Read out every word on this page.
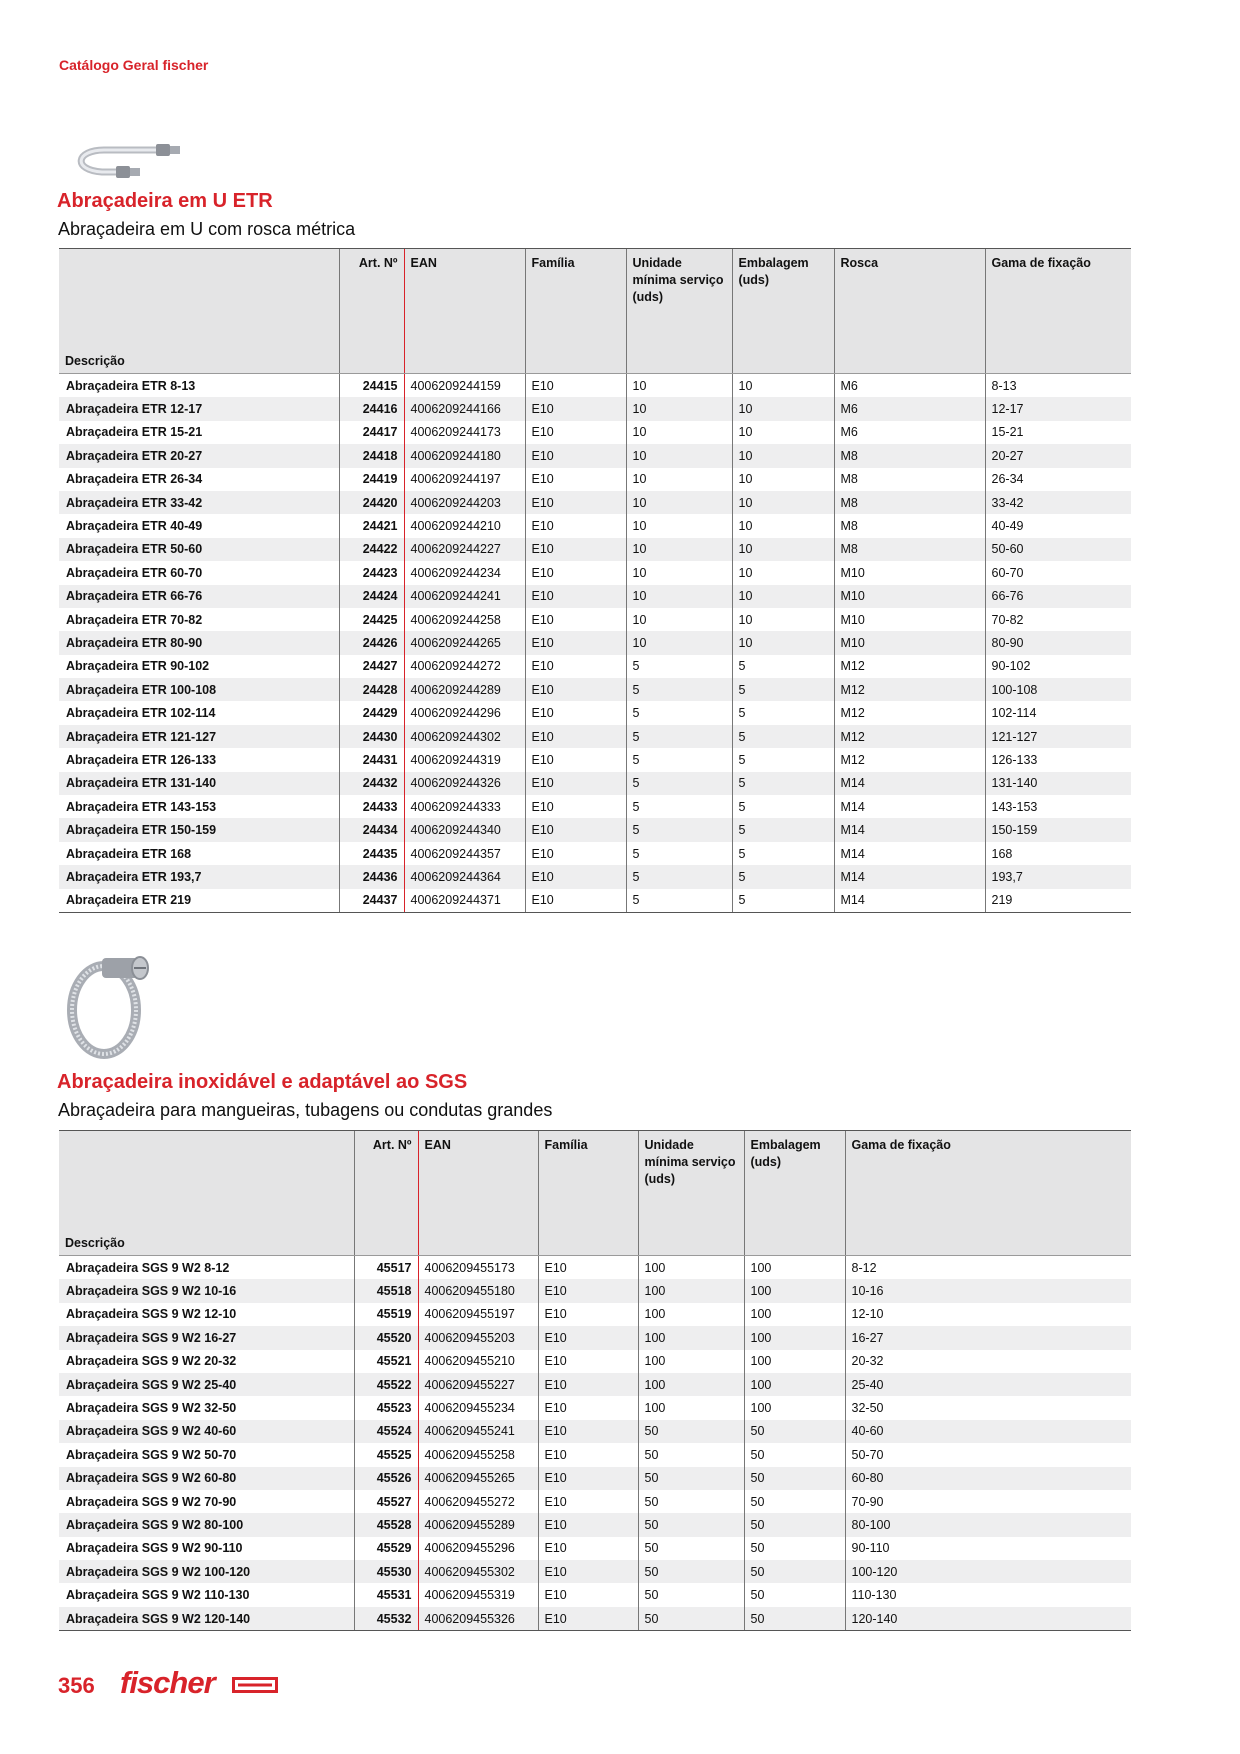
Catálogo Geral fischer
Abraçadeira em U ETR
Abraçadeira em U com rosca métrica
Descrição	Art. Nº	EAN	Família	Unidade mínima serviço (uds)	Embalagem (uds)	Rosca	Gama de fixação
Abraçadeira ETR 8-13	24415	4006209244159	E10	10	10	M6	8-13
Abraçadeira ETR 12-17	24416	4006209244166	E10	10	10	M6	12-17
Abraçadeira ETR 15-21	24417	4006209244173	E10	10	10	M6	15-21
Abraçadeira ETR 20-27	24418	4006209244180	E10	10	10	M8	20-27
Abraçadeira ETR 26-34	24419	4006209244197	E10	10	10	M8	26-34
Abraçadeira ETR 33-42	24420	4006209244203	E10	10	10	M8	33-42
Abraçadeira ETR 40-49	24421	4006209244210	E10	10	10	M8	40-49
Abraçadeira ETR 50-60	24422	4006209244227	E10	10	10	M8	50-60
Abraçadeira ETR 60-70	24423	4006209244234	E10	10	10	M10	60-70
Abraçadeira ETR 66-76	24424	4006209244241	E10	10	10	M10	66-76
Abraçadeira ETR 70-82	24425	4006209244258	E10	10	10	M10	70-82
Abraçadeira ETR 80-90	24426	4006209244265	E10	10	10	M10	80-90
Abraçadeira ETR 90-102	24427	4006209244272	E10	5	5	M12	90-102
Abraçadeira ETR 100-108	24428	4006209244289	E10	5	5	M12	100-108
Abraçadeira ETR 102-114	24429	4006209244296	E10	5	5	M12	102-114
Abraçadeira ETR 121-127	24430	4006209244302	E10	5	5	M12	121-127
Abraçadeira ETR 126-133	24431	4006209244319	E10	5	5	M12	126-133
Abraçadeira ETR 131-140	24432	4006209244326	E10	5	5	M14	131-140
Abraçadeira ETR 143-153	24433	4006209244333	E10	5	5	M14	143-153
Abraçadeira ETR 150-159	24434	4006209244340	E10	5	5	M14	150-159
Abraçadeira ETR 168	24435	4006209244357	E10	5	5	M14	168
Abraçadeira ETR 193,7	24436	4006209244364	E10	5	5	M14	193,7
Abraçadeira ETR 219	24437	4006209244371	E10	5	5	M14	219
Abraçadeira inoxidável e adaptável ao SGS
Abraçadeira para mangueiras, tubagens ou condutas grandes
Descrição	Art. Nº	EAN	Família	Unidade mínima serviço (uds)	Embalagem (uds)	Gama de fixação
Abraçadeira SGS 9 W2 8-12	45517	4006209455173	E10	100	100	8-12
Abraçadeira SGS 9 W2 10-16	45518	4006209455180	E10	100	100	10-16
Abraçadeira SGS 9 W2 12-10	45519	4006209455197	E10	100	100	12-10
Abraçadeira SGS 9 W2 16-27	45520	4006209455203	E10	100	100	16-27
Abraçadeira SGS 9 W2 20-32	45521	4006209455210	E10	100	100	20-32
Abraçadeira SGS 9 W2 25-40	45522	4006209455227	E10	100	100	25-40
Abraçadeira SGS 9 W2 32-50	45523	4006209455234	E10	100	100	32-50
Abraçadeira SGS 9 W2 40-60	45524	4006209455241	E10	50	50	40-60
Abraçadeira SGS 9 W2 50-70	45525	4006209455258	E10	50	50	50-70
Abraçadeira SGS 9 W2 60-80	45526	4006209455265	E10	50	50	60-80
Abraçadeira SGS 9 W2 70-90	45527	4006209455272	E10	50	50	70-90
Abraçadeira SGS 9 W2 80-100	45528	4006209455289	E10	50	50	80-100
Abraçadeira SGS 9 W2 90-110	45529	4006209455296	E10	50	50	90-110
Abraçadeira SGS 9 W2 100-120	45530	4006209455302	E10	50	50	100-120
Abraçadeira SGS 9 W2 110-130	45531	4006209455319	E10	50	50	110-130
Abraçadeira SGS 9 W2 120-140	45532	4006209455326	E10	50	50	120-140
356 fischer
